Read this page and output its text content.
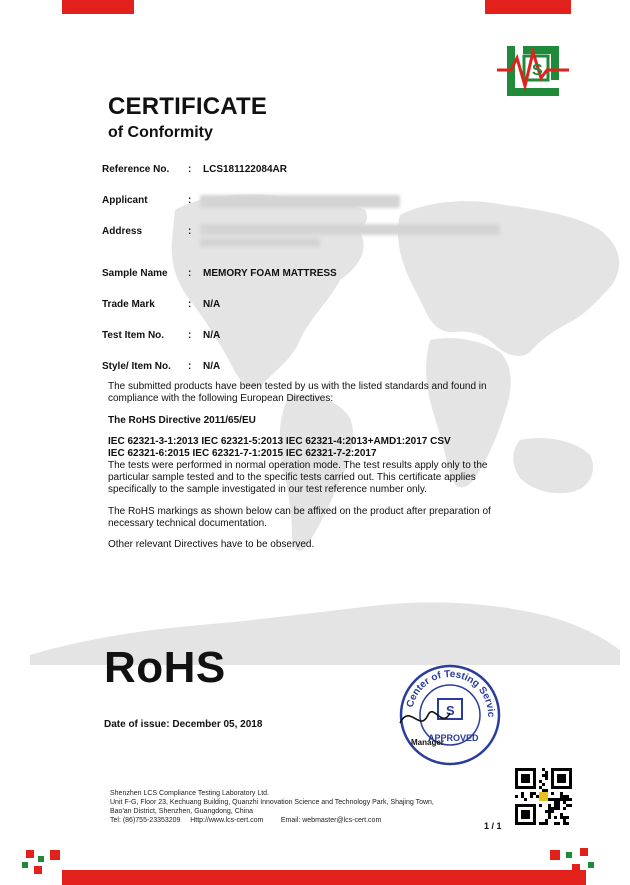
S
CERTIFICATE
of Conformity
Reference No. : LCS181122084AR
Applicant	:
Address	:
Sample Name : MEMORY FOAM MATTRESS
Trade Mark	: N/A
Test Item No. : N/A
Style/ Item No. : N/A
The submitted products have been tested by us with the listed standards and found in
compliance with the following European Directives:
The RoHS Directive 2011/65/EU
IEC 62321-3-1:2013 IEC 62321-5:2013 IEC 62321-4:2013+AMD1:2017 CSV
IEC 62321-6:2015 IEC 62321-7-1:2015 IEC 62321-7-2:2017
The tests were performed in normal operation mode. The test results apply only to the
particular sample tested and to the specific tests carried out. This certificate applies
specifically to the sample investigated in our test reference number only.
The RoHS markings as shown below can be affixed on the product after preparation of
necessary technical documentation.
Other relevant Directives have to be observed.
RoHS
Date of issue: December 05, 2018
Center of Testing Servic
S
APPROVED
Manager
Shenzhen LCS Compliance Testing Laboratory Ltd.
Unit F-G, Floor 23, Kechuang Building, Quanzhi Innovation Science and Technology Park, Shajing Town,
Bao'an District, Shenzhen, Guangdong, China
Tel: (86)755-23353209 Http://www.lcs-cert.com	Email: webmaster@lcs-cert.com
1 / 1
